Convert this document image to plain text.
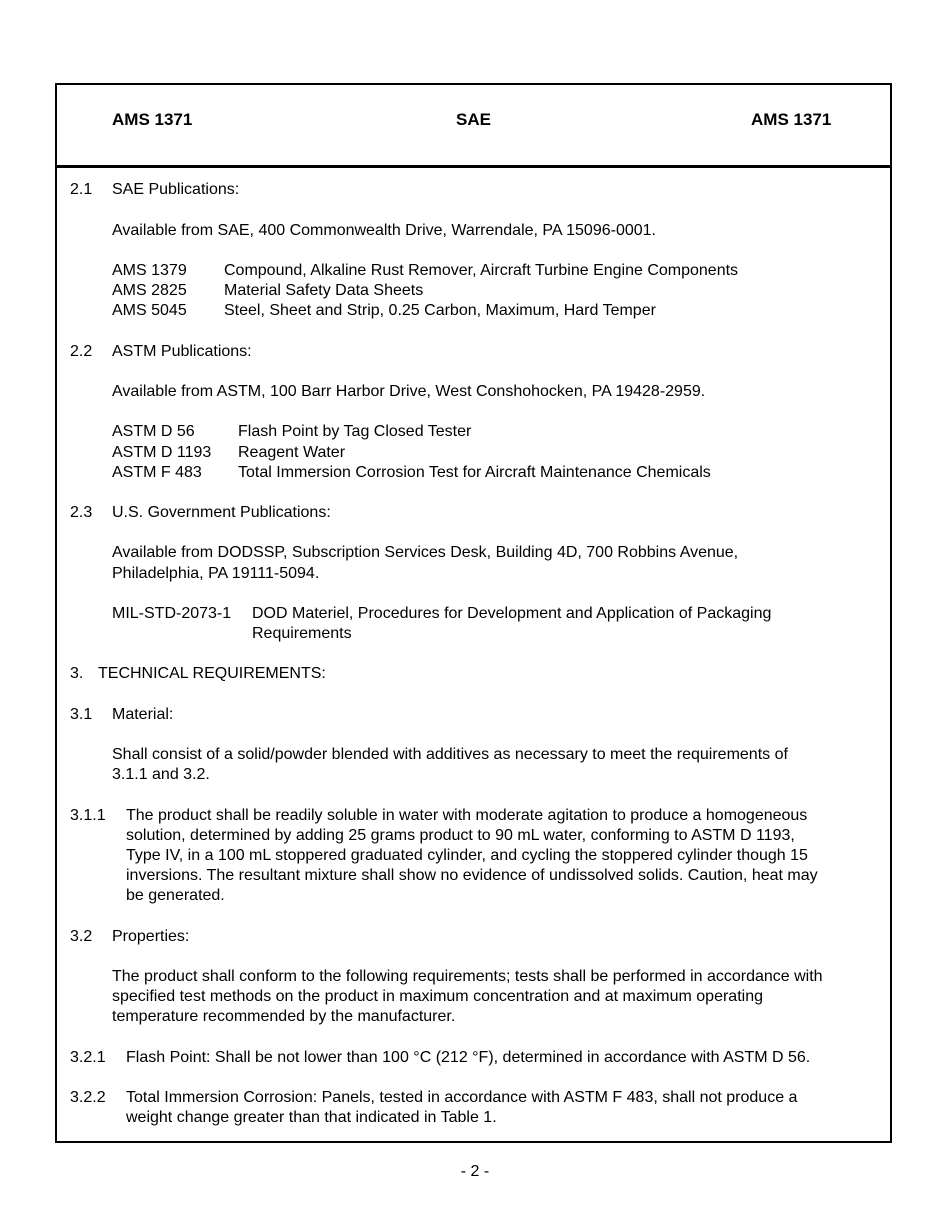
AMS 1371	SAE	AMS 1371
2.1 SAE Publications:
Available from SAE, 400 Commonwealth Drive, Warrendale, PA 15096-0001.
AMS 1379 Compound, Alkaline Rust Remover, Aircraft Turbine Engine Components
AMS 2825 Material Safety Data Sheets
AMS 5045 Steel, Sheet and Strip, 0.25 Carbon, Maximum, Hard Temper
2.2 ASTM Publications:
Available from ASTM, 100 Barr Harbor Drive, West Conshohocken, PA 19428-2959.
ASTM D 56	Flash Point by Tag Closed Tester
ASTM D 1193 Reagent Water
ASTM F 483 Total Immersion Corrosion Test for Aircraft Maintenance Chemicals
2.3 U.S. Government Publications:
Available from DODSSP, Subscription Services Desk, Building 4D, 700 Robbins Avenue,
Philadelphia, PA 19111-5094.
MIL-STD-2073-1 DOD Materiel, Procedures for Development and Application of Packaging
Requirements
3. TECHNICAL REQUIREMENTS:
3.1 Material:
Shall consist of a solid/powder blended with additives as necessary to meet the requirements of
3.1.1 and 3.2.
3.1.1 The product shall be readily soluble in water with moderate agitation to produce a homogeneous
solution, determined by adding 25 grams product to 90 mL water, conforming to ASTM D 1193,
Type IV, in a 100 mL stoppered graduated cylinder, and cycling the stoppered cylinder though 15
inversions. The resultant mixture shall show no evidence of undissolved solids. Caution, heat may
be generated.
3.2 Properties:
The product shall conform to the following requirements; tests shall be performed in accordance with
specified test methods on the product in maximum concentration and at maximum operating
temperature recommended by the manufacturer.
3.2.1 Flash Point: Shall be not lower than 100 °C (212 °F), determined in accordance with ASTM D 56.
3.2.2 Total Immersion Corrosion: Panels, tested in accordance with ASTM F 483, shall not produce a
weight change greater than that indicated in Table 1.
- 2 -
